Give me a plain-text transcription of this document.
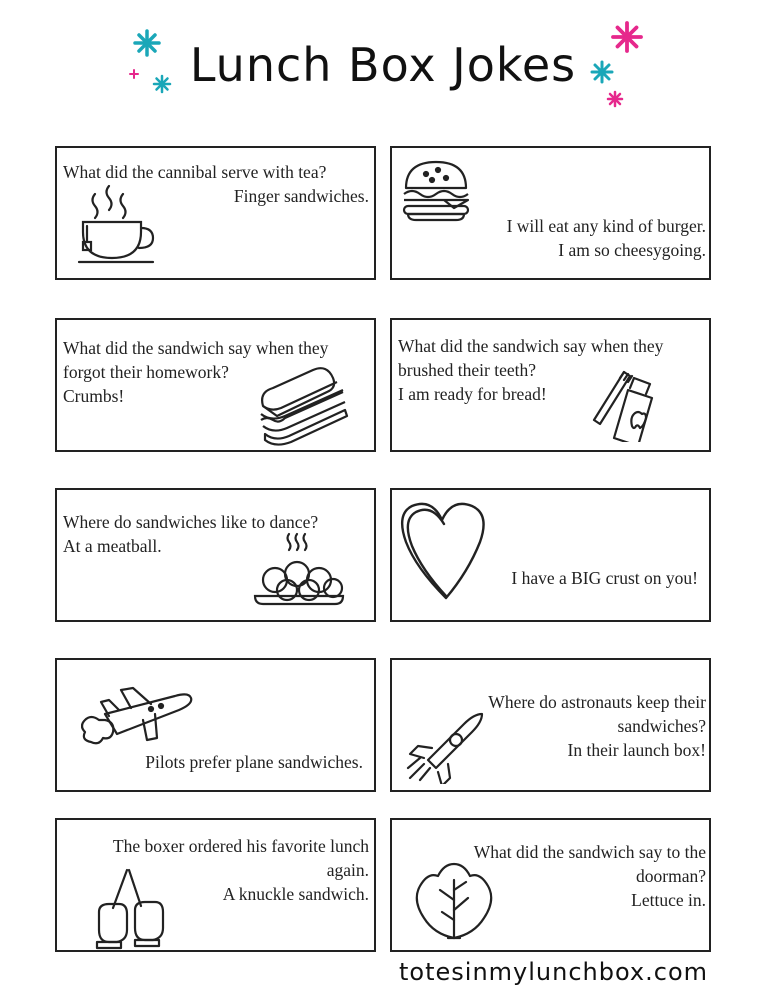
Lunch Box Jokes
What did the cannibal serve with tea?
Finger sandwiches.
I will eat any kind of burger.
I am so cheesygoing.
What did the sandwich say when they
forgot their homework?
Crumbs!
What did the sandwich say when they
brushed their teeth?
I am ready for bread!
Where do sandwiches like to dance?
At a meatball.
I have a BIG crust on you!
Pilots prefer plane sandwiches.
Where do astronauts keep their
sandwiches?
In their launch box!
The boxer ordered his favorite lunch
again.
A knuckle sandwich.
What did the sandwich say to the
doorman?
Lettuce in.
totesinmylunchbox.com
